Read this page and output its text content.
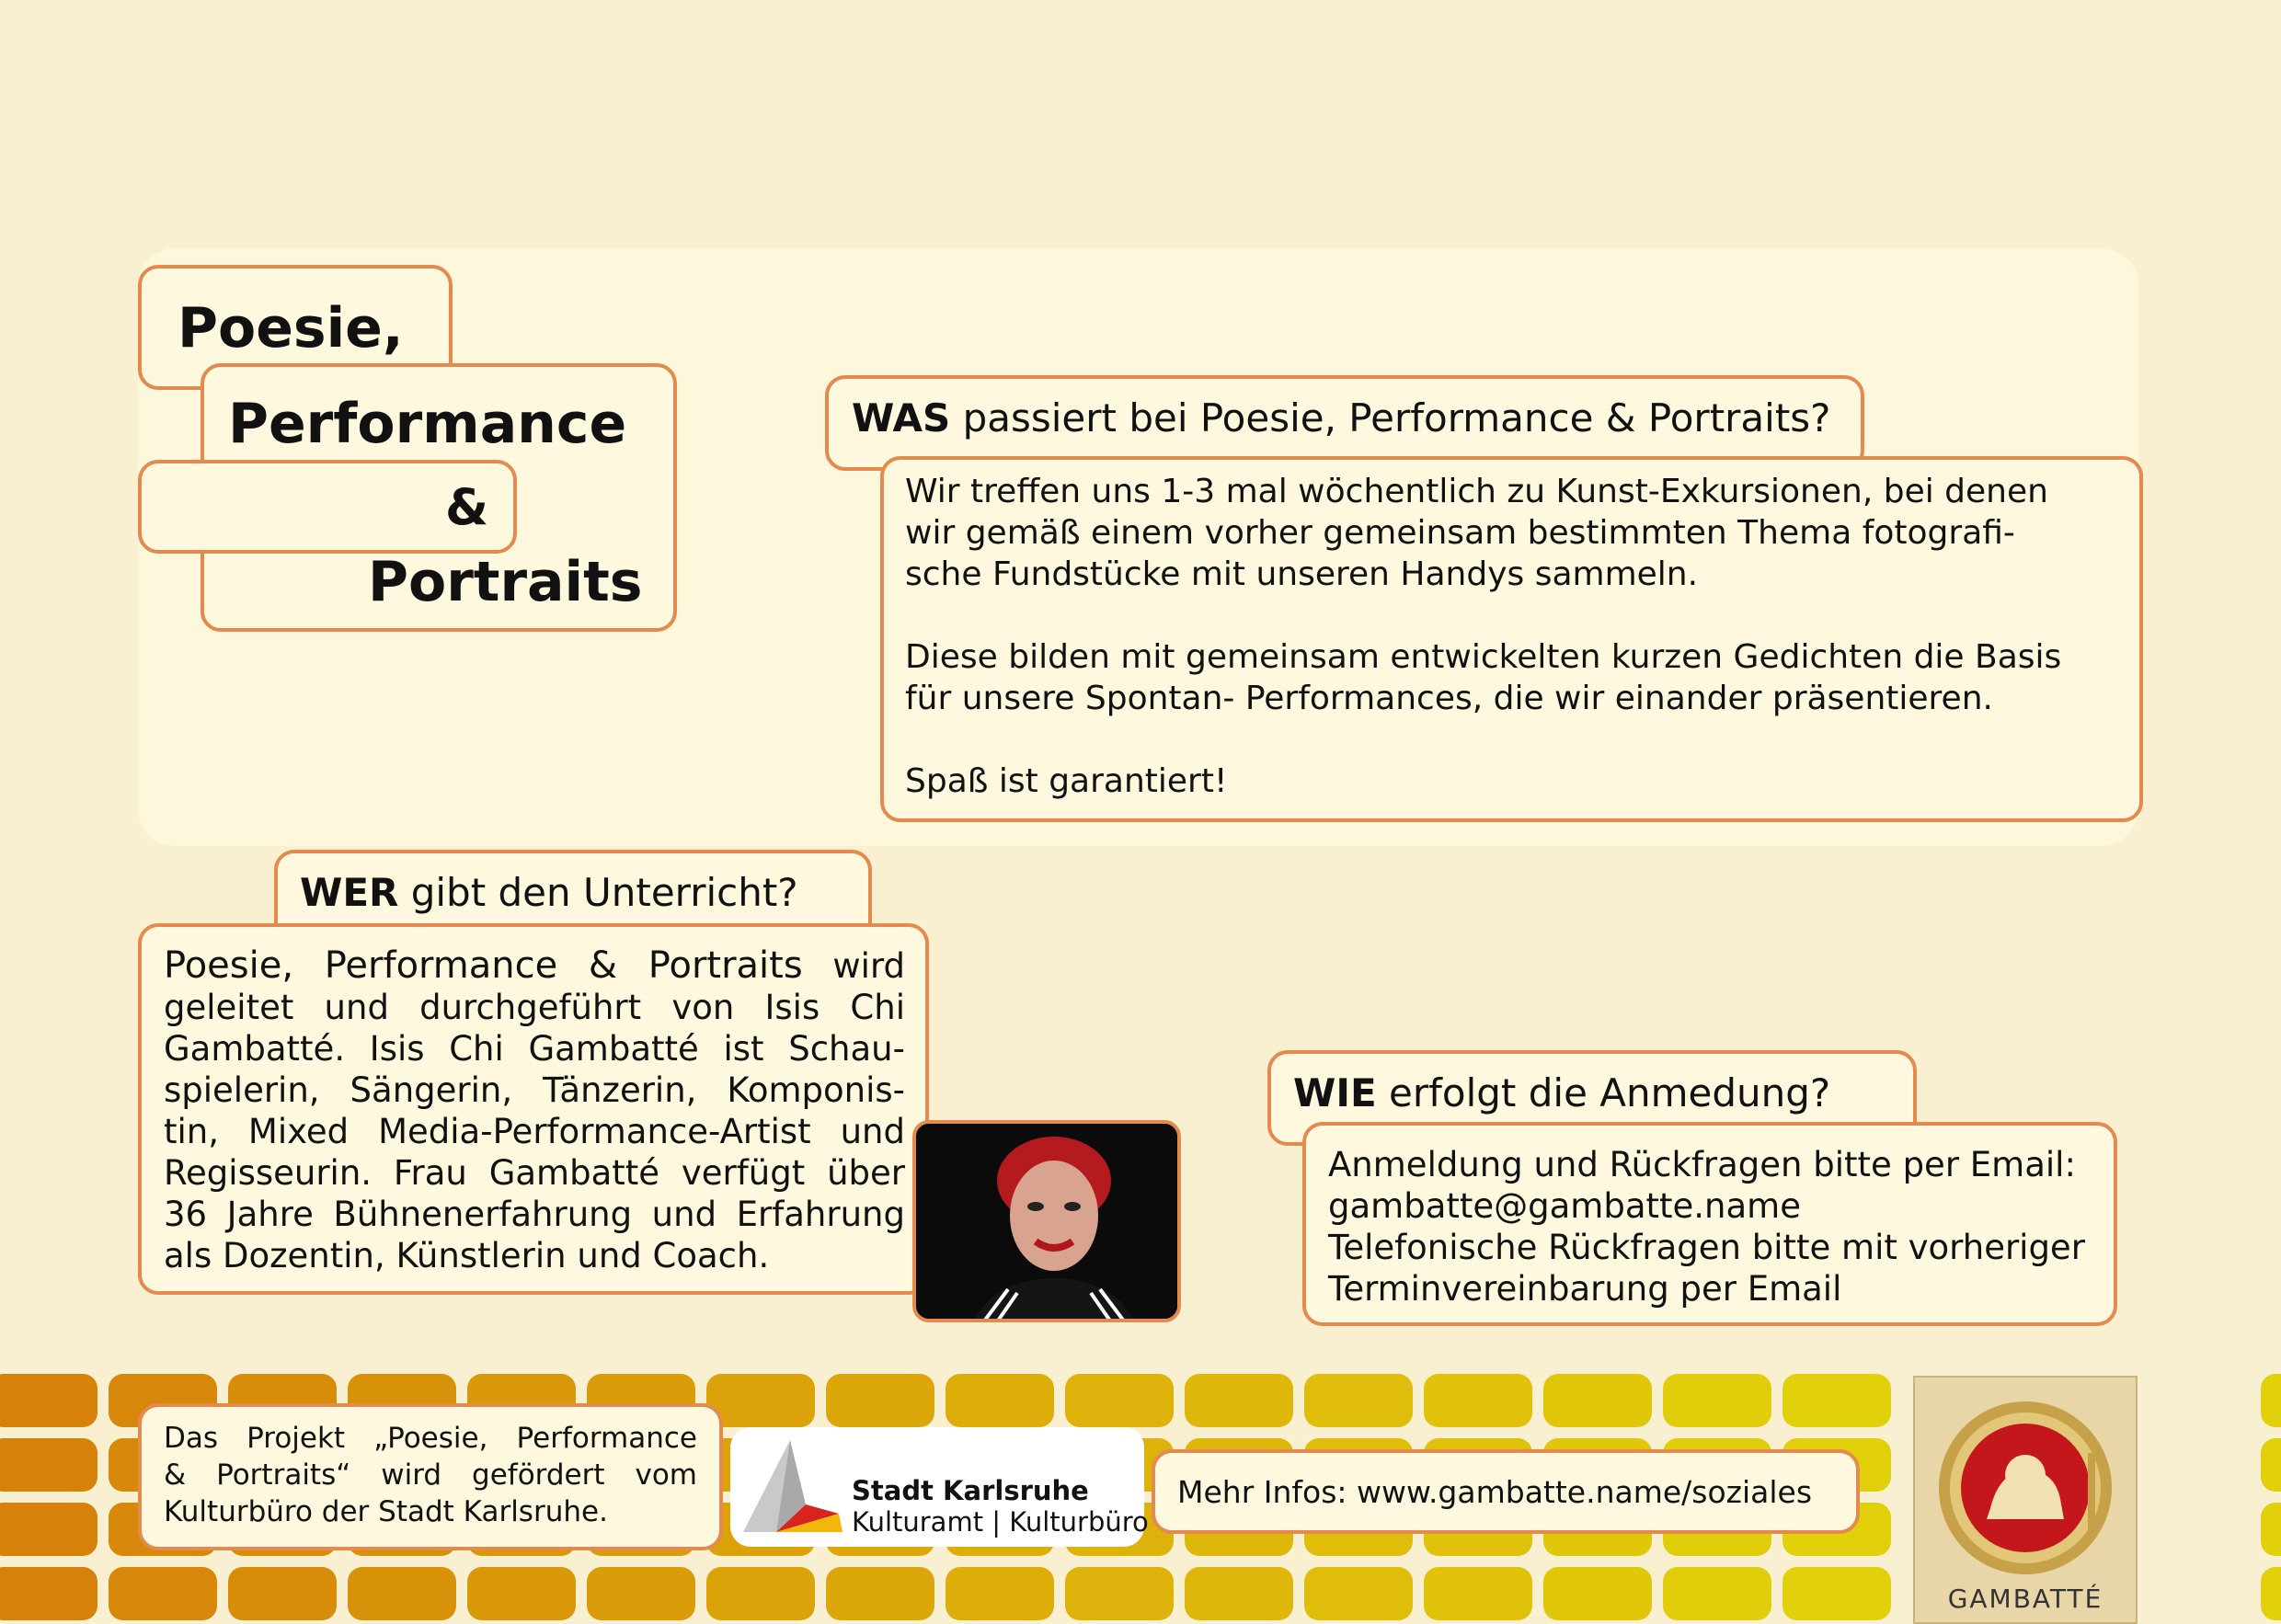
Poesie,
Performance
&
Portraits
WAS passiert bei Poesie, Performance & Portraits?
Wir treffen uns 1-3 mal wöchentlich zu Kunst-Exkursionen, bei denen
wir gemäß einem vorher gemeinsam bestimmten Thema fotografi-
sche Fundstücke mit unseren Handys sammeln.
Diese bilden mit gemeinsam entwickelten kurzen Gedichten die Basis
für unsere Spontan- Performances, die wir einander präsentieren.
Spaß ist garantiert!
WER gibt den Unterricht?
Poesie, Performance & Portraits wird
geleitet und durchgeführt von Isis Chi
Gambatté. Isis Chi Gambatté ist Schau-
spielerin, Sängerin, Tänzerin, Komponis-
tin, Mixed Media-Performance-Artist und
Regisseurin. Frau Gambatté verfügt über
36 Jahre Bühnenerfahrung und Erfahrung
als Dozentin, Künstlerin und Coach.
WIE erfolgt die Anmedung?
Anmeldung und Rückfragen bitte per Email:
gambatte@gambatte.name
Telefonische Rückfragen bitte mit vorheriger
Terminvereinbarung per Email
Das Projekt „Poesie, Performance
& Portraits“ wird gefördert vom
Kulturbüro der Stadt Karlsruhe.
Stadt Karlsruhe
Kulturamt | Kulturbüro
Mehr Infos: www.gambatte.name/soziales
GAMBATTÉ
